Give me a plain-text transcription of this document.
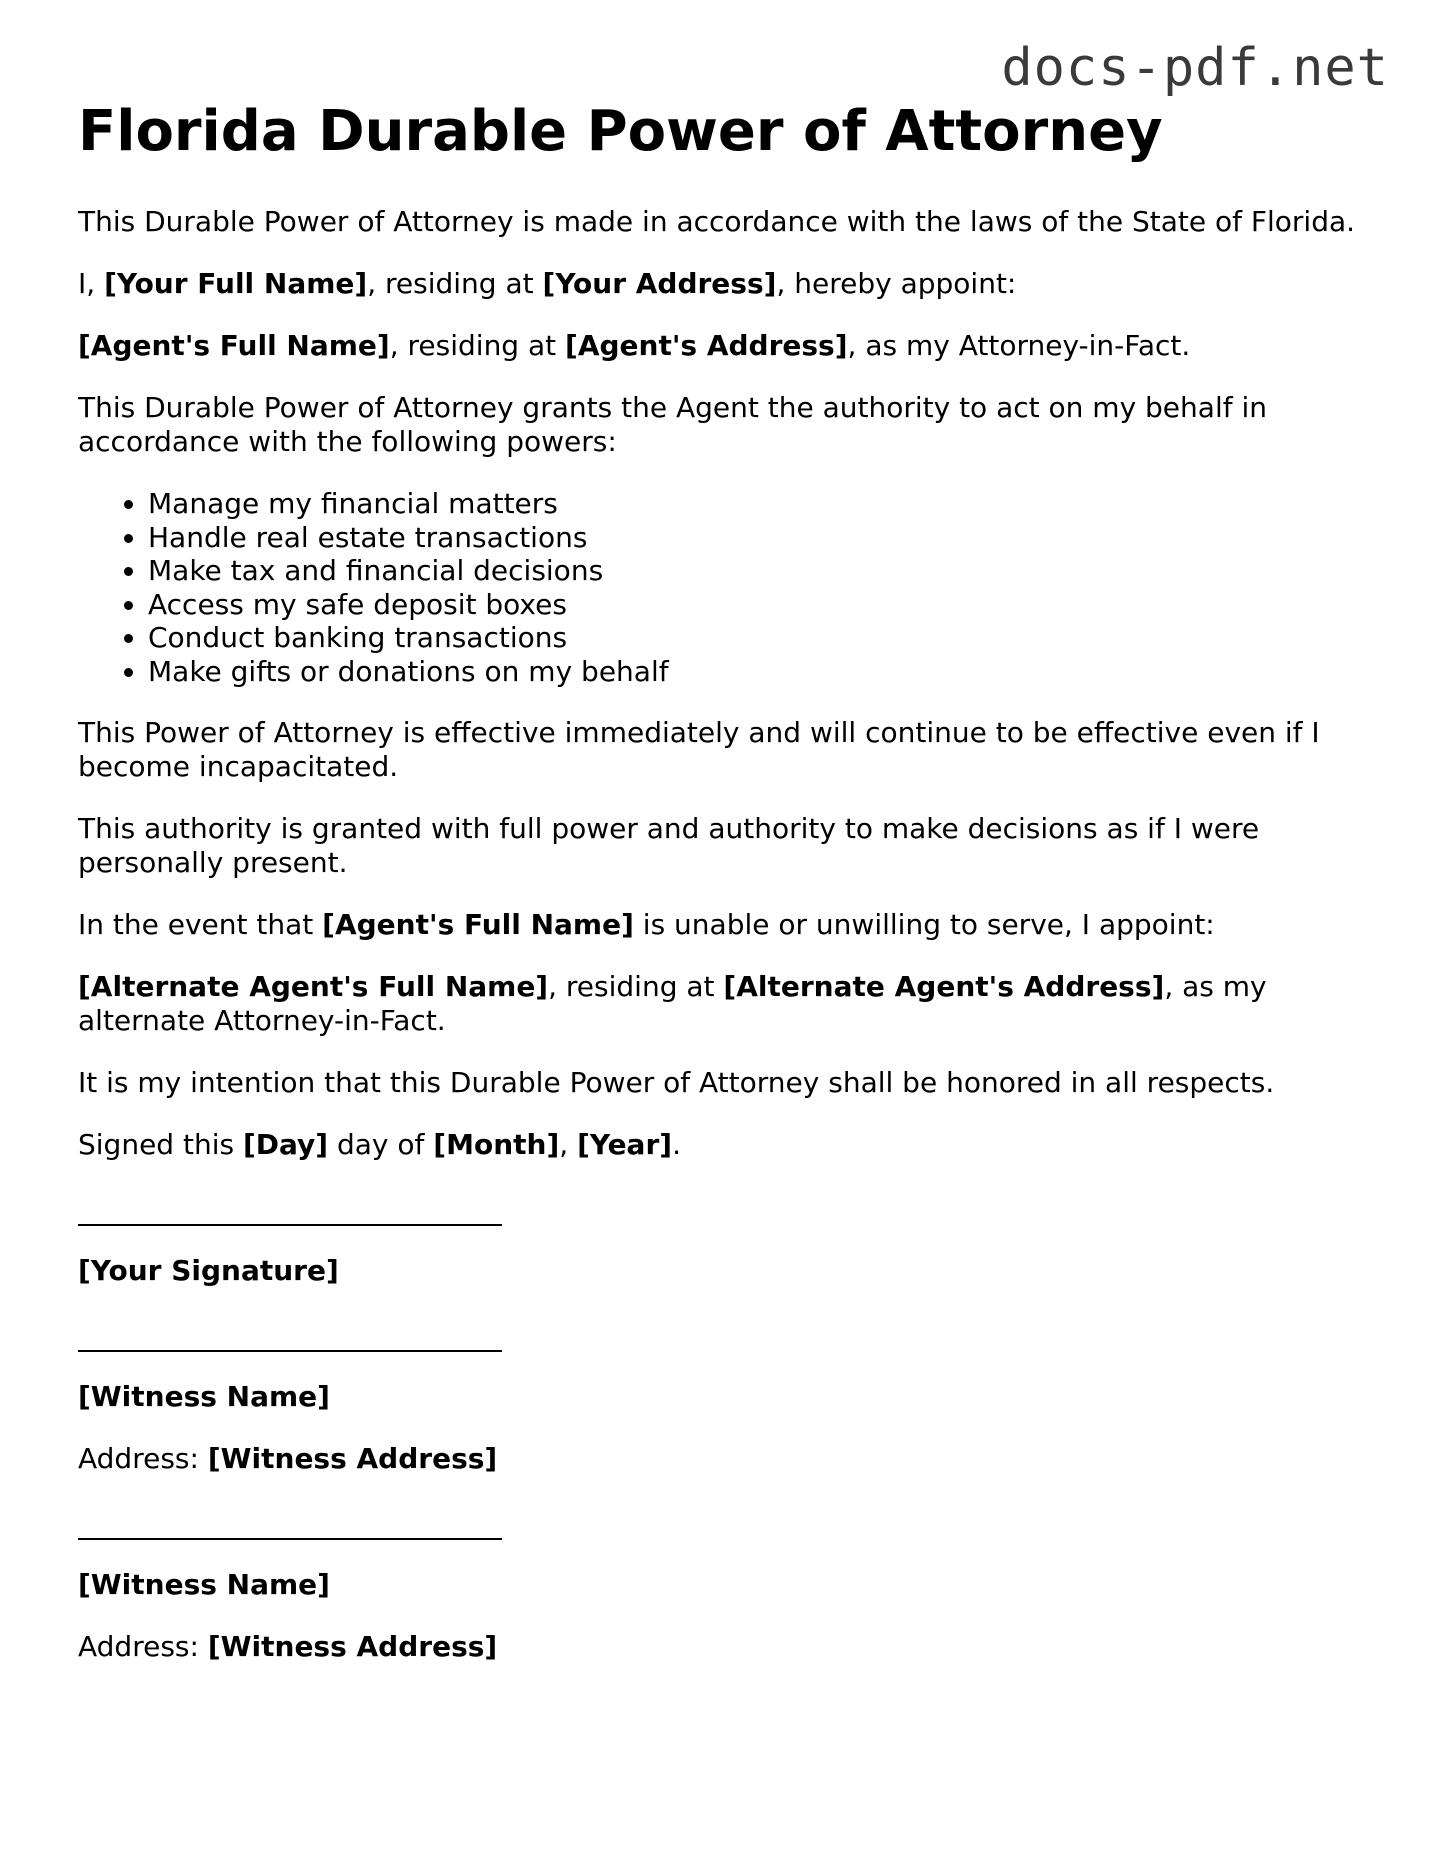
docs-pdf.net
Florida Durable Power of Attorney

This Durable Power of Attorney is made in accordance with the laws of the State of Florida.

I, [Your Full Name], residing at [Your Address], hereby appoint:

[Agent's Full Name], residing at [Agent's Address], as my Attorney-in-Fact.

This Durable Power of Attorney grants the Agent the authority to act on my behalf in accordance with the following powers:

• Manage my financial matters
• Handle real estate transactions
• Make tax and financial decisions
• Access my safe deposit boxes
• Conduct banking transactions
• Make gifts or donations on my behalf

This Power of Attorney is effective immediately and will continue to be effective even if I become incapacitated.

This authority is granted with full power and authority to make decisions as if I were personally present.

In the event that [Agent's Full Name] is unable or unwilling to serve, I appoint:

[Alternate Agent's Full Name], residing at [Alternate Agent's Address], as my alternate Attorney-in-Fact.

It is my intention that this Durable Power of Attorney shall be honored in all respects.

Signed this [Day] day of [Month], [Year].

[Your Signature]
[Witness Name]

Address: [Witness Address]

[Witness Name]

Address: [Witness Address]
